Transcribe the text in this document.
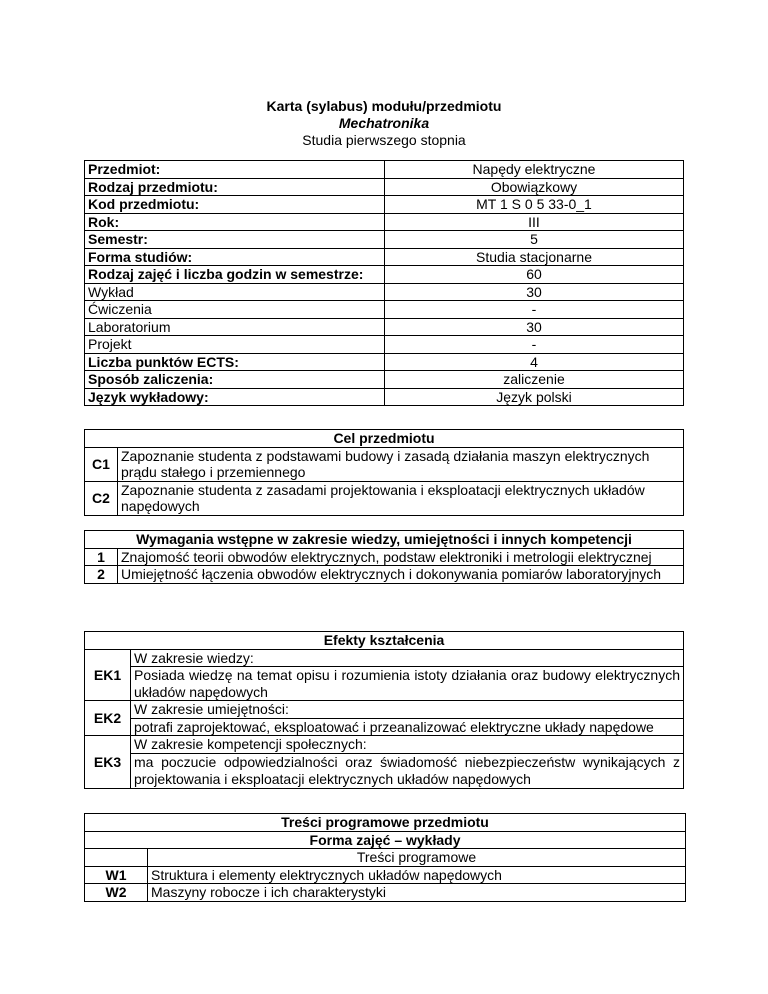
Karta (sylabus) modułu/przedmiotu
Mechatronika
Studia pierwszego stopnia
Przedmiot:	Napędy elektryczne
Rodzaj przedmiotu:	Obowiązkowy
Kod przedmiotu:	MT 1 S 0 5 33-0_1
Rok:	III
Semestr:	5
Forma studiów:	Studia stacjonarne
Rodzaj zajęć i liczba godzin w semestrze:	60
Wykład	30
Ćwiczenia	-
Laboratorium	30
Projekt	-
Liczba punktów ECTS:	4
Sposób zaliczenia:	zaliczenie
Język wykładowy:	Język polski
Cel przedmiotu	
C1	Zapoznanie studenta z podstawami budowy i zasadą działania maszyn elektrycznych prądu stałego i przemiennego
C2	Zapoznanie studenta z zasadami projektowania i eksploatacji elektrycznych układów napędowych
Wymagania wstępne w zakresie wiedzy, umiejętności i innych kompetencji	
1	Znajomość teorii obwodów elektrycznych, podstaw elektroniki i metrologii elektrycznej
2	Umiejętność łączenia obwodów elektrycznych i dokonywania pomiarów laboratoryjnych
Efekty kształcenia	
EK1	W zakresie wiedzy:
	Posiada wiedzę na temat opisu i rozumienia istoty działania oraz budowy elektrycznych układów napędowych
EK2	W zakresie umiejętności:
	potrafi zaprojektować, eksploatować i przeanalizować elektryczne układy napędowe
EK3	W zakresie kompetencji społecznych:
	ma poczucie odpowiedzialności oraz świadomość niebezpieczeństw wynikających z projektowania i eksploatacji elektrycznych układów napędowych
Treści programowe przedmiotu	
Forma zajęć – wykłady	
	Treści programowe
W1	Struktura i elementy elektrycznych układów napędowych
W2	Maszyny robocze i ich charakterystyki
